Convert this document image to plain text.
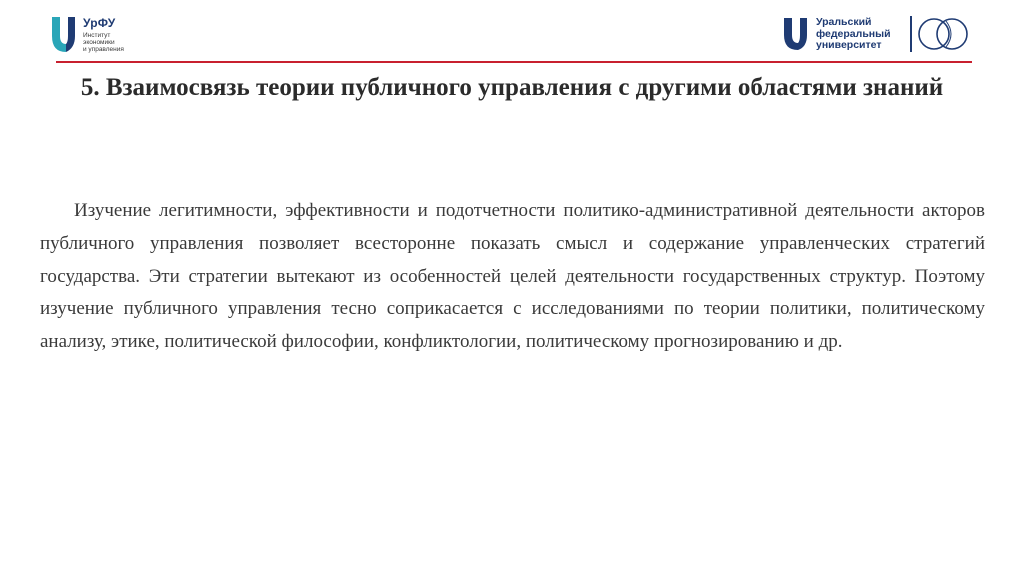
УрФУ
Институт
экономики
и управления
Уральский
федеральный
университет
5. Взаимосвязь теории публичного управления с другими областями знаний
Изучение легитимности, эффективности и подотчетности политико-административной деятельности акторов публичного управления позволяет всесторонне показать смысл и содержание управленческих стратегий государства. Эти стратегии вытекают из особенностей целей деятельности государственных структур. Поэтому изучение публичного управления тесно соприкасается с исследованиями по теории политики, политическому анализу, этике, политической философии, конфликтологии, политическому прогнозированию и др.
